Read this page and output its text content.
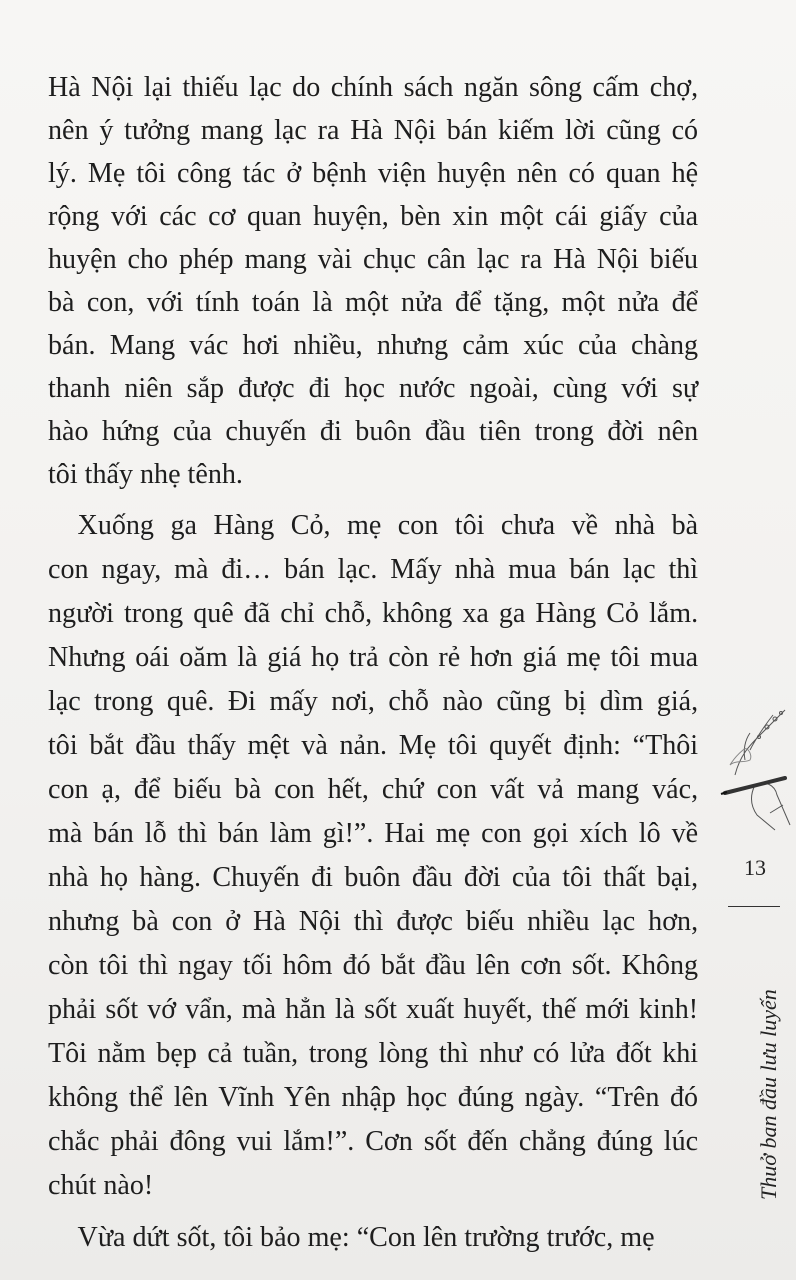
Hà Nội lại thiếu lạc do chính sách ngăn sông cấm chợ,
nên ý tưởng mang lạc ra Hà Nội bán kiếm lời cũng có
lý. Mẹ tôi công tác ở bệnh viện huyện nên có quan hệ
rộng với các cơ quan huyện, bèn xin một cái giấy của
huyện cho phép mang vài chục cân lạc ra Hà Nội biếu
bà con, với tính toán là một nửa để tặng, một nửa để
bán. Mang vác hơi nhiều, nhưng cảm xúc của chàng
thanh niên sắp được đi học nước ngoài, cùng với sự
hào hứng của chuyến đi buôn đầu tiên trong đời nên
tôi thấy nhẹ tênh.
Xuống ga Hàng Cỏ, mẹ con tôi chưa về nhà bà
con ngay, mà đi… bán lạc. Mấy nhà mua bán lạc thì
người trong quê đã chỉ chỗ, không xa ga Hàng Cỏ lắm.
Nhưng oái oăm là giá họ trả còn rẻ hơn giá mẹ tôi mua
lạc trong quê. Đi mấy nơi, chỗ nào cũng bị dìm giá,
tôi bắt đầu thấy mệt và nản. Mẹ tôi quyết định: “Thôi
con ạ, để biếu bà con hết, chứ con vất vả mang vác,
mà bán lỗ thì bán làm gì!”. Hai mẹ con gọi xích lô về
nhà họ hàng. Chuyến đi buôn đầu đời của tôi thất bại,
nhưng bà con ở Hà Nội thì được biếu nhiều lạc hơn,
còn tôi thì ngay tối hôm đó bắt đầu lên cơn sốt. Không
phải sốt vớ vẩn, mà hẳn là sốt xuất huyết, thế mới kinh!
Tôi nằm bẹp cả tuần, trong lòng thì như có lửa đốt khi
không thể lên Vĩnh Yên nhập học đúng ngày. “Trên đó
chắc phải đông vui lắm!”. Cơn sốt đến chẳng đúng lúc
chút nào!
Vừa dứt sốt, tôi bảo mẹ: “Con lên trường trước, mẹ
13
Thuở ban đầu lưu luyến
